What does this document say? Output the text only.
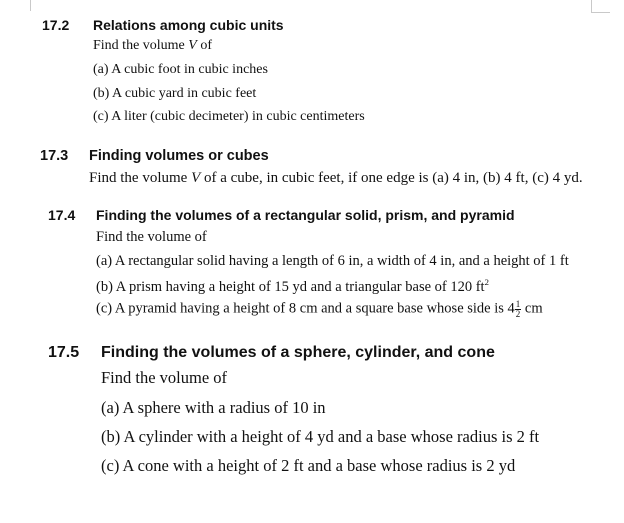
17.2 Relations among cubic units
Find the volume V of
(a) A cubic foot in cubic inches
(b) A cubic yard in cubic feet
(c) A liter (cubic decimeter) in cubic centimeters
17.3 Finding volumes or cubes
Find the volume V of a cube, in cubic feet, if one edge is (a) 4 in, (b) 4 ft, (c) 4 yd.
17.4 Finding the volumes of a rectangular solid, prism, and pyramid
Find the volume of
(a) A rectangular solid having a length of 6 in, a width of 4 in, and a height of 1 ft
(b) A prism having a height of 15 yd and a triangular base of 120 $ft^2$
(c) A pyramid having a height of 8 cm and a square base whose side is $4 \frac{1}{2}$ cm
17.5 Finding the volumes of a sphere, cylinder, and cone
Find the volume of
(a) A sphere with a radius of 10 in
(b) A cylinder with a height of 4 yd and a base whose radius is 2 ft
(c) A cone with a height of 2 ft and a base whose radius is 2 yd
